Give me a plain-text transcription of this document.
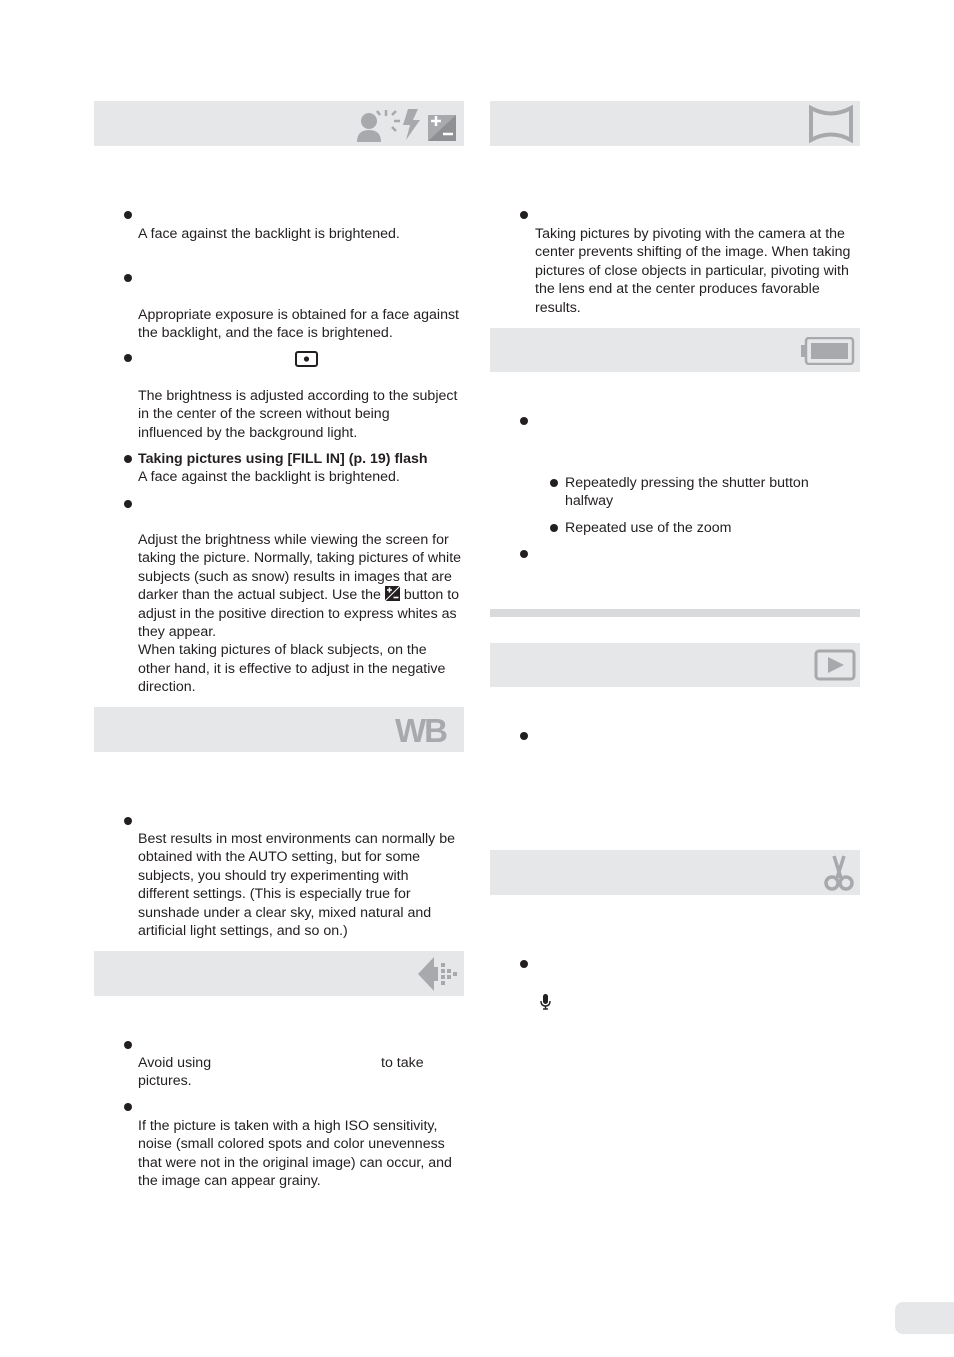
A face against the backlight is brightened.

Appropriate exposure is obtained for a face against the backlight, and the face is brightened.

The brightness is adjusted according to the subject in the center of the screen without being influenced by the background light.

Taking pictures using [FILL IN] (p. 19) flash

A face against the backlight is brightened.

Adjust the brightness while viewing the screen for taking the picture. Normally, taking pictures of white subjects (such as snow) results in images that are darker than the actual subject. Use the button to adjust in the positive direction to express whites as they appear.
When taking pictures of black subjects, on the other hand, it is effective to adjust in the negative direction.
WB

Best results in most environments can normally be obtained with the AUTO setting, but for some subjects, you should try experimenting with different settings. (This is especially true for sunshade under a clear sky, mixed natural and artificial light settings, and so on.)

Avoid using	to take

pictures.

If the picture is taken with a high ISO sensitivity, noise (small colored spots and color unevenness that were not in the original image) can occur, and the image can appear grainy.

Taking pictures by pivoting with the camera at the center prevents shifting of the image. When taking pictures of close objects in particular, pivoting with the lens end at the center produces favorable results.

Repeatedly pressing the shutter button halfway

Repeated use of the zoom
